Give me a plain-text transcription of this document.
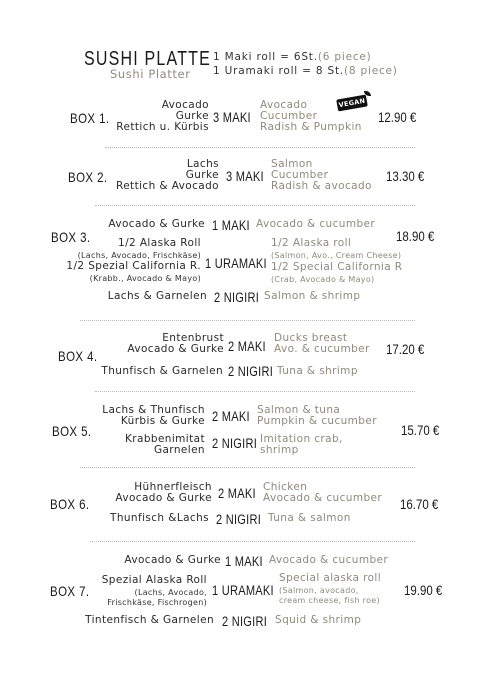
SUSHI PLATTE
Sushi Platter
1 Maki roll = 6St.(6 piece)
1 Uramaki roll = 8 St.(8 piece)
VEGAN
BOX 1.
Avocado
Gurke
Rettich u. Kürbis
3 MAKI
Avocado
Cucumber
Radish & Pumpkin
12.90 €
BOX 2.
Lachs
Gurke
Rettich & Avocado
3 MAKI
Salmon
Cucumber
Radish & avocado
13.30 €
BOX 3.	18.90 €
Avocado & Gurke 1 MAKI Avocado & cucumber
1/2 Alaska Roll
(Lachs, Avocado, Frischkäse)
1/2 Spezial California R.
(Krabb., Avocado & Mayo)
1 URAMAKI
1/2 Alaska roll
(Salmon, Avo., Cream Cheese)
1/2 Special California R
(Crab, Avocado & Mayo)
Lachs & Garnelen 2 NIGIRI Salmon & shrimp
BOX 4.
Entenbrust
Avocado & Gurke 2 MAKI
Ducks breast
Avo. & cucumber 17.20 €
Thunfisch & Garnelen 2 NIGIRI Tuna & shrimp
BOX 5.
Lachs & Thunfisch
Kürbis & Gurke 2 MAKI Salmon & tuna
Pumpkin & cucumber
15.70 €
Krabbenimitat
Garnelen 2 NIGIRI Imitation crab,
shrimp
BOX 6.
Hühnerfleisch
Avocado & Gurke 2 MAKI Chicken
Avocado & cucumber 16.70 €
Thunfisch &Lachs 2 NIGIRI Tuna & salmon
BOX 7.	19.90 €
Avocado & Gurke 1 MAKI Avocado & cucumber
Spezial Alaska Roll
(Lachs, Avocado,
Frischkäse, Fischrogen)
1 URAMAKI
Special alaska roll
(Salmon, avocado,
cream cheese, fish roe)
Tintenfisch & Garnelen 2 NIGIRI Squid & shrimp
